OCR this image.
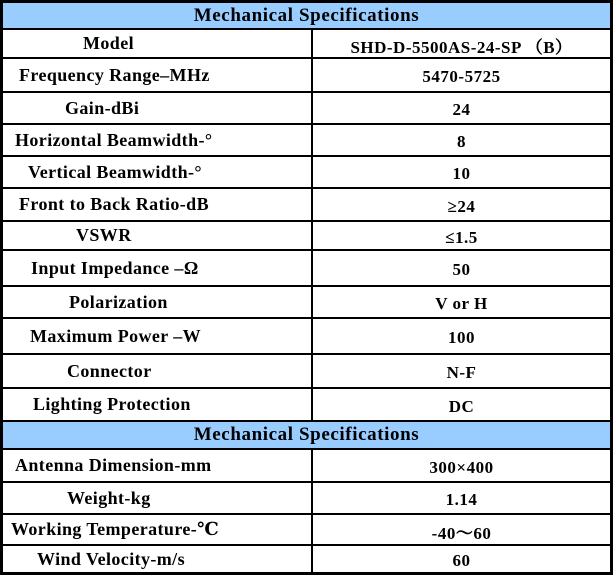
Mechanical Specifications
Model	SHD-D-5500AS-24-SP （B）
Frequency Range–MHz	5470-5725
Gain-dBi	24
Horizontal Beamwidth-°	8
Vertical Beamwidth-°	10
Front to Back Ratio-dB	≥24
VSWR	≤1.5
Input Impedance –Ω	50
Polarization	V or H
Maximum Power –W	100
Connector	N-F
Lighting Protection	DC
Mechanical Specifications
Antenna Dimension-mm	300×400
Weight-kg	1.14
Working Temperature-℃	-40～60
Wind Velocity-m/s	60
